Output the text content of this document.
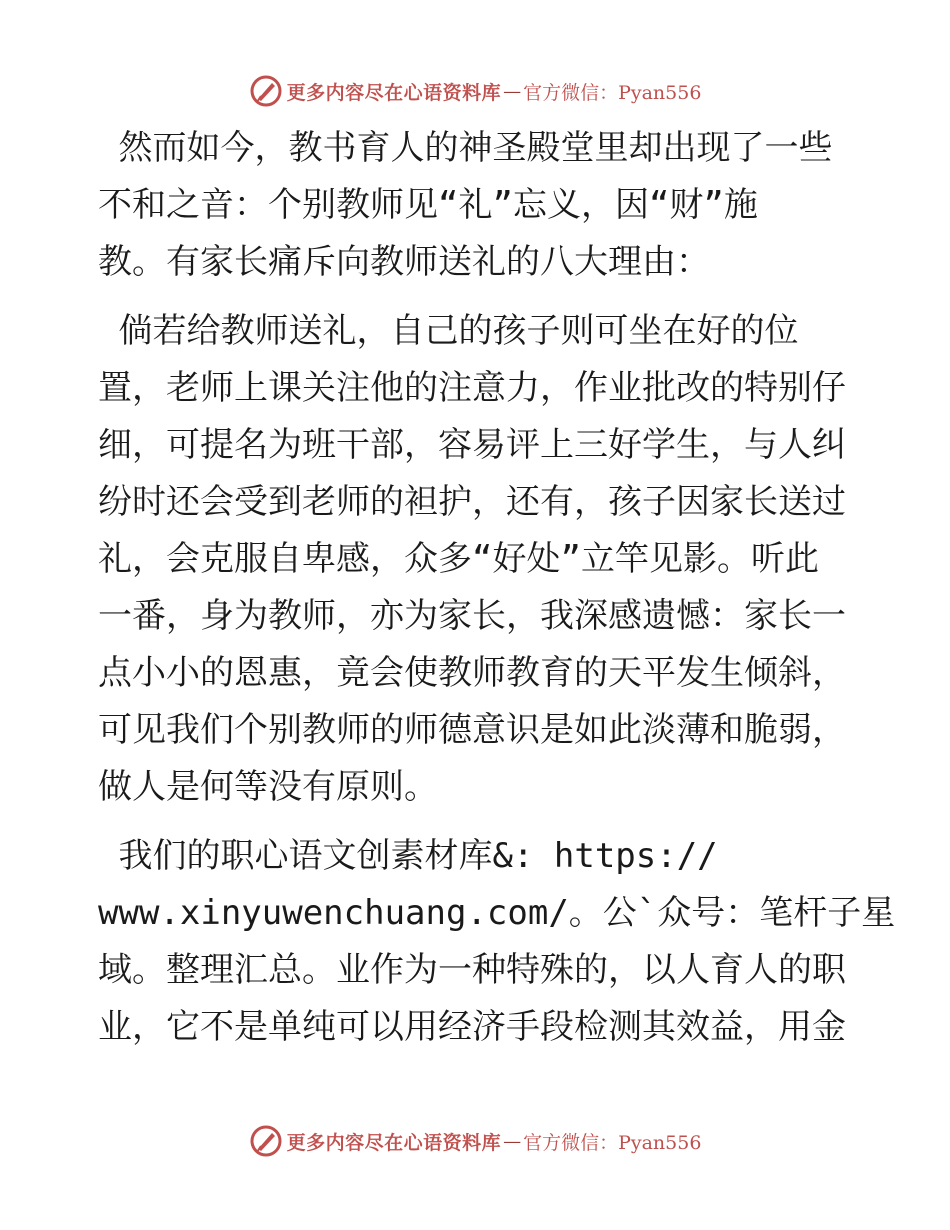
更多内容尽在心语资料库 — 官方微信：Pyan556

然而如今，教书育人的神圣殿堂里却出现了一些
不和之音：个别教师见“礼”忘义，因“财”施
教。有家长痛斥向教师送礼的八大理由：

倘若给教师送礼，自己的孩子则可坐在好的位
置，老师上课关注他的注意力，作业批改的特别仔
细，可提名为班干部，容易评上三好学生，与人纠
纷时还会受到老师的袒护，还有，孩子因家长送过
礼，会克服自卑感，众多“好处”立竿见影。听此
一番，身为教师，亦为家长，我深感遗憾：家长一
点小小的恩惠，竟会使教师教育的天平发生倾斜，
可见我们个别教师的师德意识是如此淡薄和脆弱，
做人是何等没有原则。

我们的职心语文创素材库&: https://
www.xinyuwenchuang.com/。公`众号：笔杆子星
域。整理汇总。业作为一种特殊的，以人育人的职
业，它不是单纯可以用经济手段检测其效益，用金

更多内容尽在心语资料库 — 官方微信：Pyan556
